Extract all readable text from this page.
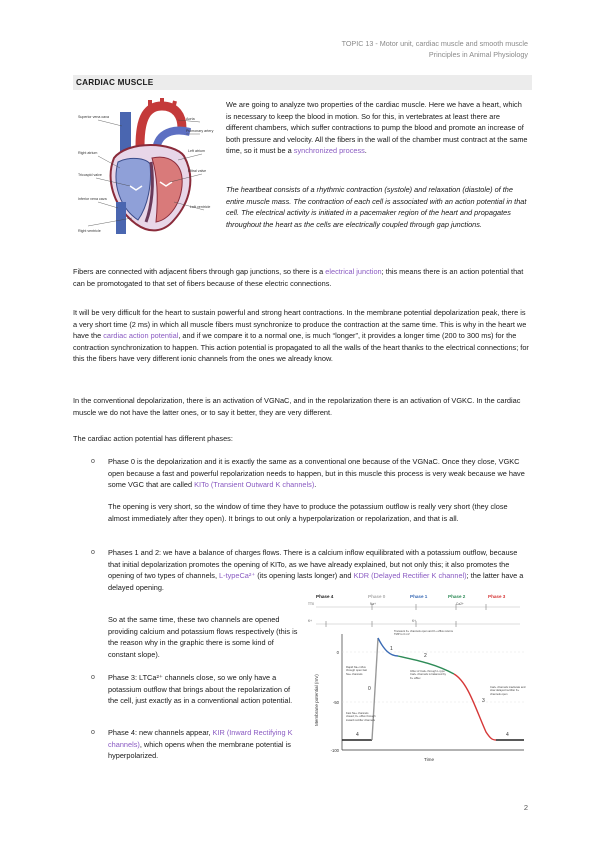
TOPIC 13 - Motor unit, cardiac muscle and smooth muscle
Principles in Animal Physiology
CARDIAC MUSCLE
Superior vena cava
Right atrium
Tricuspid valve
Inferior vena cava
Aorta
Pulmonary artery
Left atrium
Mitral valve
Left ventricle
Right ventricle

We are going to analyze two properties of the cardiac muscle. Here we have a heart, which is necessary to keep the blood in motion. So for this, in vertebrates at least there are different chambers, which suffer contractions to pump the blood and promote an increase of both pressure and velocity. All the fibers in the wall of the chamber must contract at the same time, so it must be a synchronized process.

The heartbeat consists of a rhythmic contraction (systole) and relaxation (diastole) of the entire muscle mass. The contraction of each cell is associated with an action potential in that cell. The electrical activity is initiated in a pacemaker region of the heart and propagates throughout the heart as the cells are electrically coupled through gap junctions.

Fibers are connected with adjacent fibers through gap junctions, so there is a electrical junction; this means there is an action potential that can be promotogated to that set of fibers because of these electric connections.

It will be very difficult for the heart to sustain powerful and strong heart contractions. In the membrane potential depolarization peak, there is a very short time (2 ms) in which all muscle fibers must synchronize to produce the contraction at the same time. This is why in the heart we have the cardiac action potential, and if we compare it to a normal one, is much “longer”, it provides a longer time (200 to 300 ms) for the contraction synchronization to happen. This action potential is propagated to all the walls of the heart thanks to the electrical connections; for this the fibers have very different ionic channels from the ones we already know.

In the conventional depolarization, there is an activation of VGNaC, and in the repolarization there is an activation of VGKC. In the cardiac muscle we do not have the latter ones, or to say it better, they are very different.

The cardiac action potential has different phases:

o Phase 0 is the depolarization and it is exactly the same as a conventional one because of the VGNaC. Once they close, VGKC open because a fast and powerful repolarization needs to happen, but in this muscle this process is very weak because we have some VGC that are called KITo (Transient Outward K channels).

The opening is very short, so the window of time they have to produce the potassium outflow is really very short (they close almost immediately after they open). It brings to out only a hyperpolarization or repolarization, and that is all.

o Phases 1 and 2: we have a balance of charges flows. There is a calcium inflow equilibrated with a potassium outflow, because that initial depolarization promotes the opening of KITo, as we have already explained, but not only this; it also promotes the opening of two types of channels, L-typeCa²⁺ (its opening lasts longer) and KDR (Delayed Rectifier K channel); the latter have a delayed opening.

So at the same time, these two channels are opened providing calcium and potassium flows respectively (this is the reason why in the graphic there is some kind of constant slope).

o Phase 3: LTCa²⁺ channels close, so we only have a potassium outflow that brings about the repolarization of the cell, just exactly as in a conventional action potential.

o Phase 4: new channels appear, KIR (Inward Rectifying K channels), which opens when the membrane potential is hyperpolarized.

Phase 4	Phase 0	Phase 1	Phase 2	Phase 3
TTX	Na+	Ca2+
K+	K+
0
-50
-100
Membrane potential (mV)
Time
0
1
2
3
4	4
Transient K+ channels open and K+ efflux returns TMP to 0 mV
Rapid Na+ influx through open fast Na+ channels
Influx of Ca2+ through L-type Ca2+ channels is balanced by K+ efflux
Ca2+ channels inactivate and slow delayed rectifier K+ channels open
Fast Na+ channels closed; K+ efflux through inward rectifier channels
2
